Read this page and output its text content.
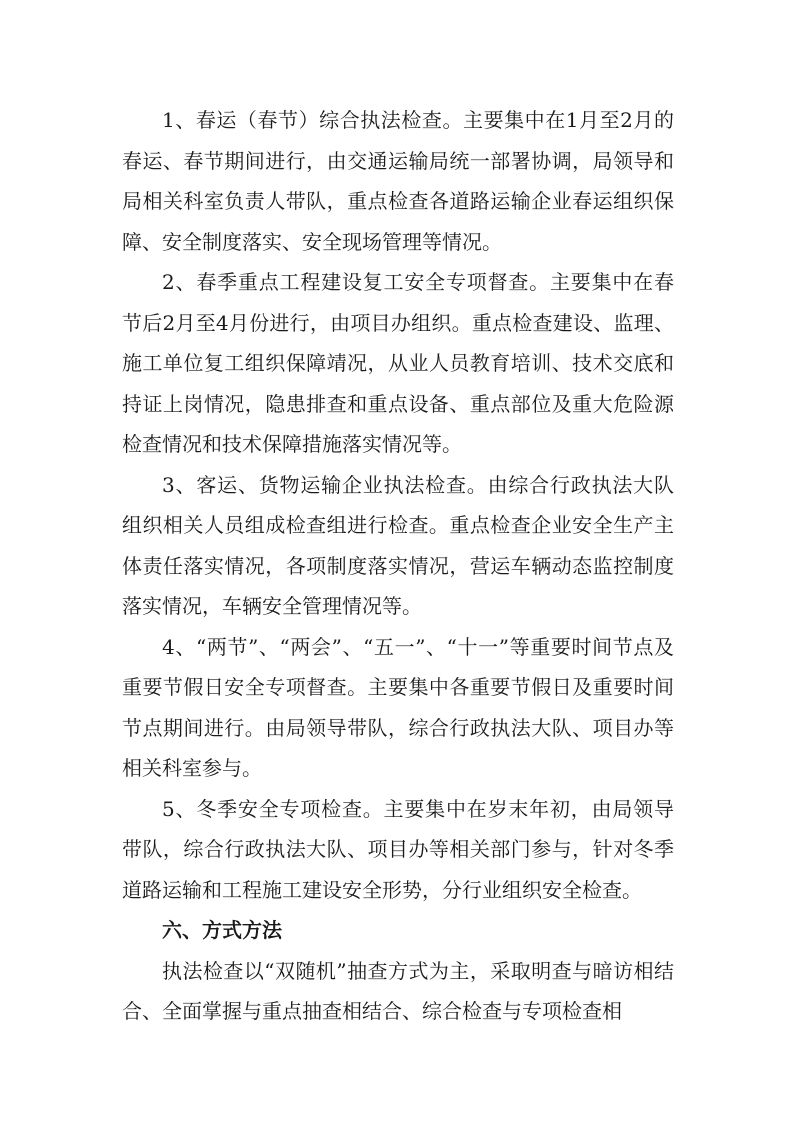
1、春运（春节）综合执法检查。主要集中在1月至2月的春运、春节期间进行，由交通运输局统一部署协调，局领导和局相关科室负责人带队，重点检查各道路运输企业春运组织保障、安全制度落实、安全现场管理等情况。

2、春季重点工程建设复工安全专项督查。主要集中在春节后2月至4月份进行，由项目办组织。重点检查建设、监理、施工单位复工组织保障靖况，从业人员教育培训、技术交底和持证上岗情况，隐患排查和重点设备、重点部位及重大危险源检查情况和技术保障措施落实情况等。

3、客运、货物运输企业执法检查。由综合行政执法大队组织相关人员组成检查组进行检查。重点检查企业安全生产主体责任落实情况，各项制度落实情况，营运车辆动态监控制度落实情况，车辆安全管理情况等。

4、“两节”、“两会”、“五一”、“十一”等重要时间节点及重要节假日安全专项督查。主要集中各重要节假日及重要时间节点期间进行。由局领导带队，综合行政执法大队、项目办等相关科室参与。

5、冬季安全专项检查。主要集中在岁末年初，由局领导带队，综合行政执法大队、项目办等相关部门参与，针对冬季道路运输和工程施工建设安全形势，分行业组织安全检查。

六、方式方法

执法检查以“双随机”抽查方式为主，采取明查与暗访相结合、全面掌握与重点抽查相结合、综合检查与专项检查相
